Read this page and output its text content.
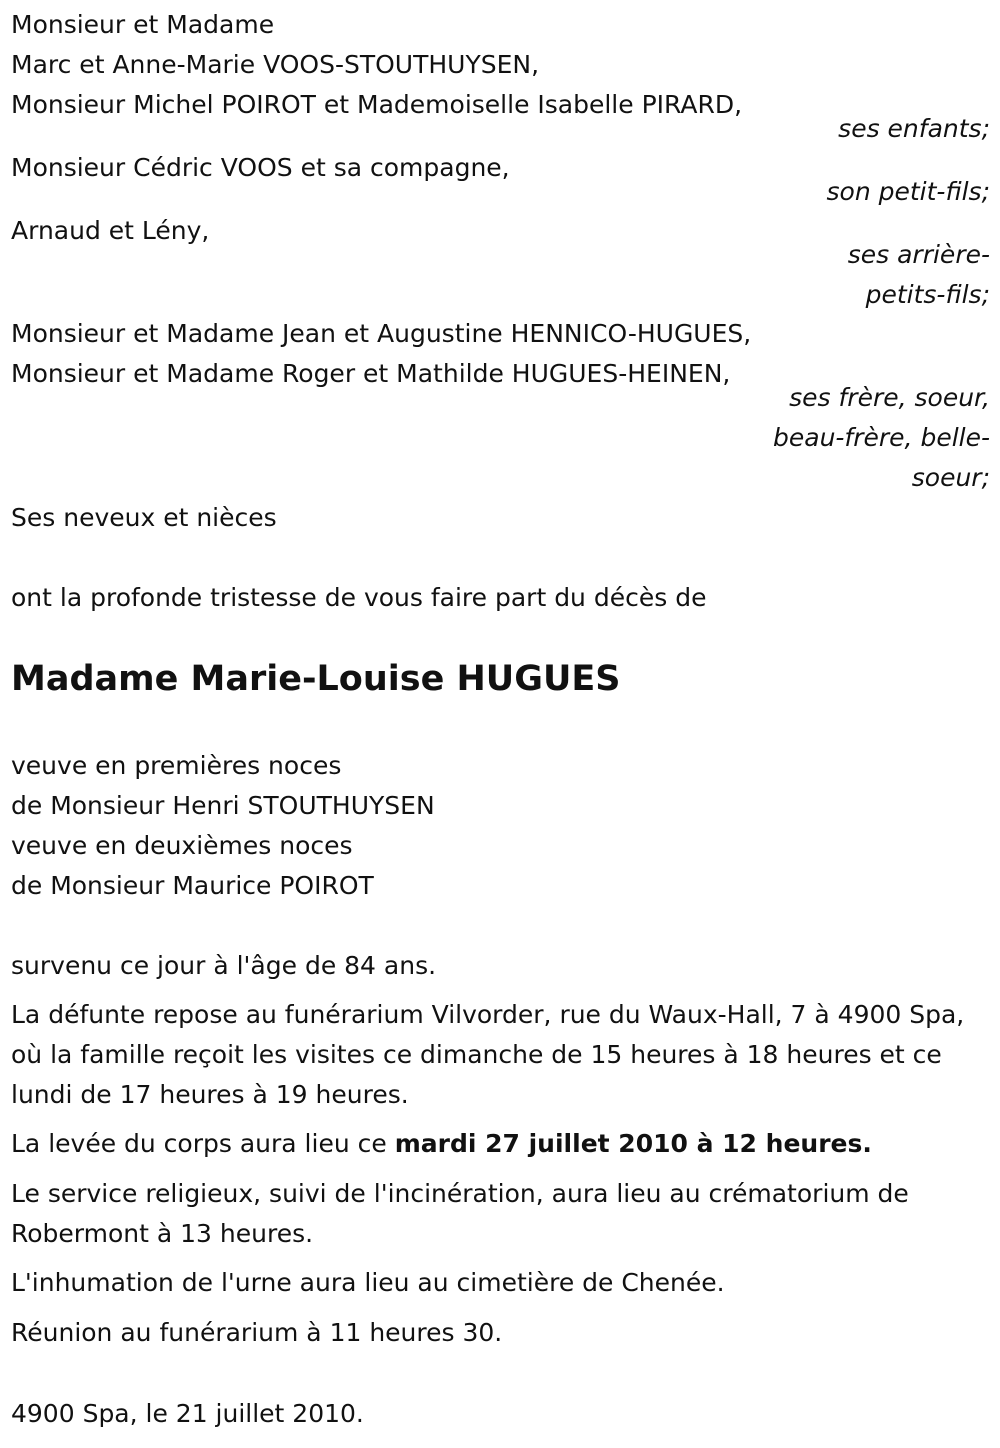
Monsieur et Madame
Marc et Anne-Marie VOOS-STOUTHUYSEN,
Monsieur Michel POIROT et Mademoiselle Isabelle PIRARD,
ses enfants;
Monsieur Cédric VOOS et sa compagne,
son petit-fils;
Arnaud et Lény,
ses arrière-
petits-fils;
Monsieur et Madame Jean et Augustine HENNICO-HUGUES,
Monsieur et Madame Roger et Mathilde HUGUES-HEINEN,
ses frère, soeur,
beau-frère, belle-
soeur;
Ses neveux et nièces
ont la profonde tristesse de vous faire part du décès de
Madame Marie-Louise HUGUES
veuve en premières noces
de Monsieur Henri STOUTHUYSEN
veuve en deuxièmes noces
de Monsieur Maurice POIROT
survenu ce jour à l'âge de 84 ans.

La défunte repose au funérarium Vilvorder, rue du Waux-Hall, 7 à 4900 Spa, où la famille reçoit les visites ce dimanche de 15 heures à 18 heures et ce lundi de 17 heures à 19 heures.

La levée du corps aura lieu ce mardi 27 juillet 2010 à 12 heures.

Le service religieux, suivi de l'incinération, aura lieu au crématorium de Robermont à 13 heures.

L'inhumation de l'urne aura lieu au cimetière de Chenée.

Réunion au funérarium à 11 heures 30.

4900 Spa, le 21 juillet 2010.
